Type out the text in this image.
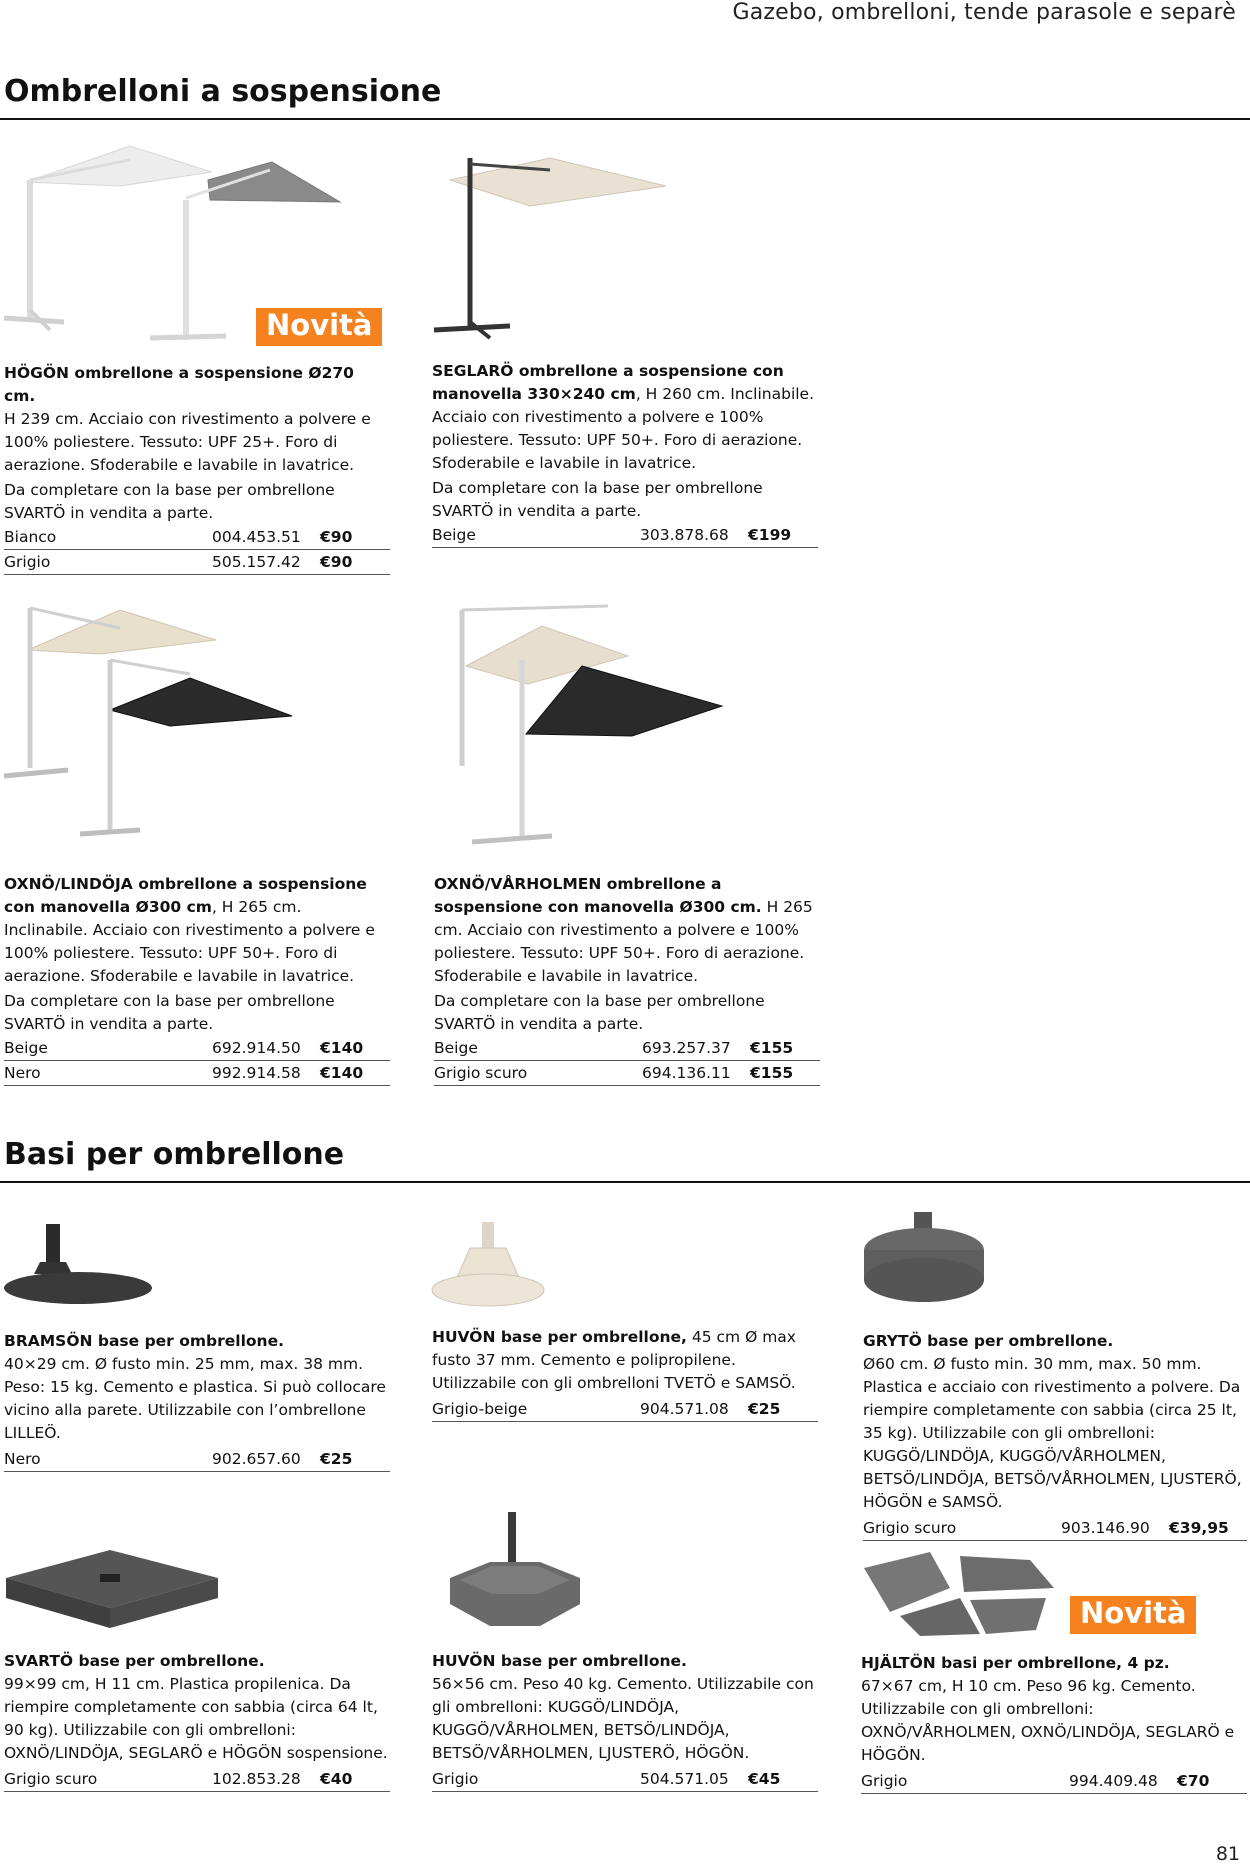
Gazebo, ombrelloni, tende parasole e separè
Ombrelloni a sospensione
Novità
HÖGÖN ombrellone a sospensione Ø270 cm.
H 239 cm. Acciaio con rivestimento a polvere e 100% poliestere. Tessuto: UPF 25+. Foro di aerazione. Sfoderabile e lavabile in lavatrice.
Da completare con la base per ombrellone SVARTÖ in vendita a parte.
Bianco	004.453.51	€90
Grigio	505.157.42	€90
SEGLARÖ ombrellone a sospensione con manovella 330×240 cm, H 260 cm. Inclinabile. Acciaio con rivestimento a polvere e 100% poliestere. Tessuto: UPF 50+. Foro di aerazione. Sfoderabile e lavabile in lavatrice.
Da completare con la base per ombrellone SVARTÖ in vendita a parte.
Beige	303.878.68	€199
OXNÖ/LINDÖJA ombrellone a sospensione con manovella Ø300 cm, H 265 cm. Inclinabile. Acciaio con rivestimento a polvere e 100% poliestere. Tessuto: UPF 50+. Foro di aerazione. Sfoderabile e lavabile in lavatrice.
Da completare con la base per ombrellone SVARTÖ in vendita a parte.
Beige	692.914.50	€140
Nero	992.914.58	€140
OXNÖ/VÅRHOLMEN ombrellone a sospensione con manovella Ø300 cm. H 265 cm. Acciaio con rivestimento a polvere e 100% poliestere. Tessuto: UPF 50+. Foro di aerazione. Sfoderabile e lavabile in lavatrice.
Da completare con la base per ombrellone SVARTÖ in vendita a parte.
Beige	693.257.37	€155
Grigio scuro	694.136.11	€155
Basi per ombrellone
BRAMSÖN base per ombrellone.
40×29 cm. Ø fusto min. 25 mm, max. 38 mm. Peso: 15 kg. Cemento e plastica. Si può collocare vicino alla parete. Utilizzabile con l’ombrellone LILLEÖ.
Nero	902.657.60	€25
HUVÖN base per ombrellone, 45 cm Ø max fusto 37 mm. Cemento e polipropilene. Utilizzabile con gli ombrelloni TVETÖ e SAMSÖ.
Grigio-beige	904.571.08	€25
GRYTÖ base per ombrellone.
Ø60 cm. Ø fusto min. 30 mm, max. 50 mm. Plastica e acciaio con rivestimento a polvere. Da riempire completamente con sabbia (circa 25 lt, 35 kg). Utilizzabile con gli ombrelloni: KUGGÖ/LINDÖJA, KUGGÖ/VÅRHOLMEN, BETSÖ/LINDÖJA, BETSÖ/VÅRHOLMEN, LJUSTERÖ, HÖGÖN e SAMSÖ.
Grigio scuro	903.146.90	€39,95
Novità
SVARTÖ base per ombrellone.
99×99 cm, H 11 cm. Plastica propilenica. Da riempire completamente con sabbia (circa 64 lt, 90 kg). Utilizzabile con gli ombrelloni: OXNÖ/LINDÖJA, SEGLARÖ e HÖGÖN sospensione.
Grigio scuro	102.853.28	€40
HUVÖN base per ombrellone.
56×56 cm. Peso 40 kg. Cemento. Utilizzabile con gli ombrelloni: KUGGÖ/LINDÖJA, KUGGÖ/VÅRHOLMEN, BETSÖ/LINDÖJA, BETSÖ/VÅRHOLMEN, LJUSTERÖ, HÖGÖN.
Grigio	504.571.05	€45
HJÄLTÖN basi per ombrellone, 4 pz.
67×67 cm, H 10 cm. Peso 96 kg. Cemento. Utilizzabile con gli ombrelloni: OXNÖ/VÅRHOLMEN, OXNÖ/LINDÖJA, SEGLARÖ e HÖGÖN.
Grigio	994.409.48	€70
81
